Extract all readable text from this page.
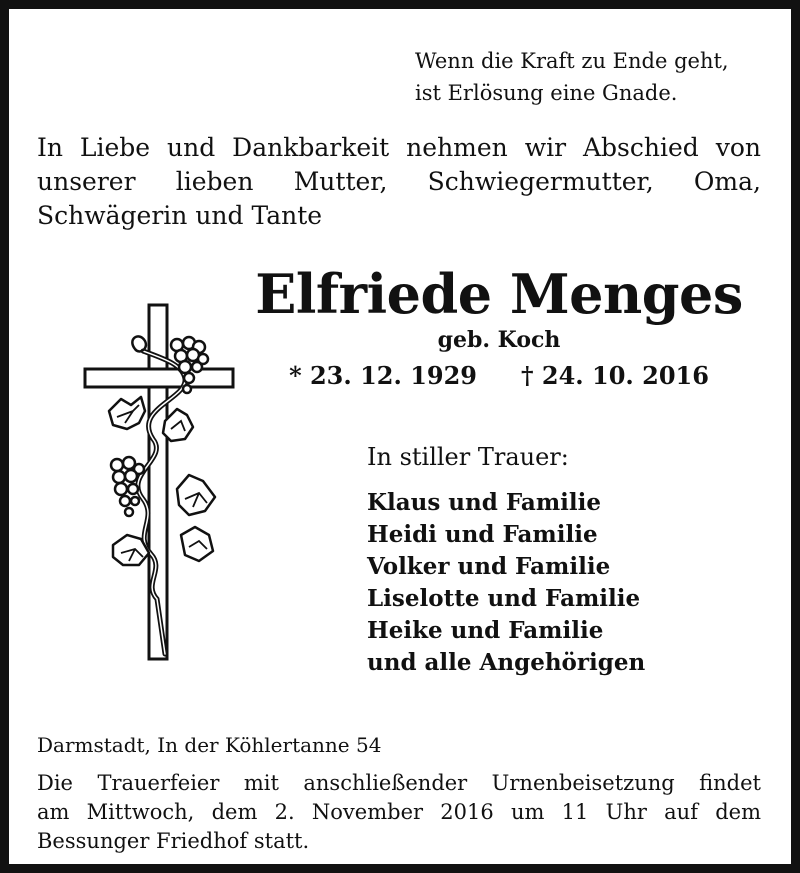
Wenn die Kraft zu Ende geht,
ist Erlösung eine Gnade.
In Liebe und Dankbarkeit nehmen wir Abschied von
unserer lieben Mutter, Schwiegermutter, Oma,
Schwägerin und Tante
Elfriede Menges
geb. Koch
* 23. 12. 1929 † 24. 10. 2016
In stiller Trauer:
Klaus und Familie
Heidi und Familie
Volker und Familie
Liselotte und Familie
Heike und Familie
und alle Angehörigen
Darmstadt, In der Köhlertanne 54
Die Trauerfeier mit anschließender Urnenbeisetzung findet
am Mittwoch, dem 2. November 2016 um 11 Uhr auf dem
Bessunger Friedhof statt.
